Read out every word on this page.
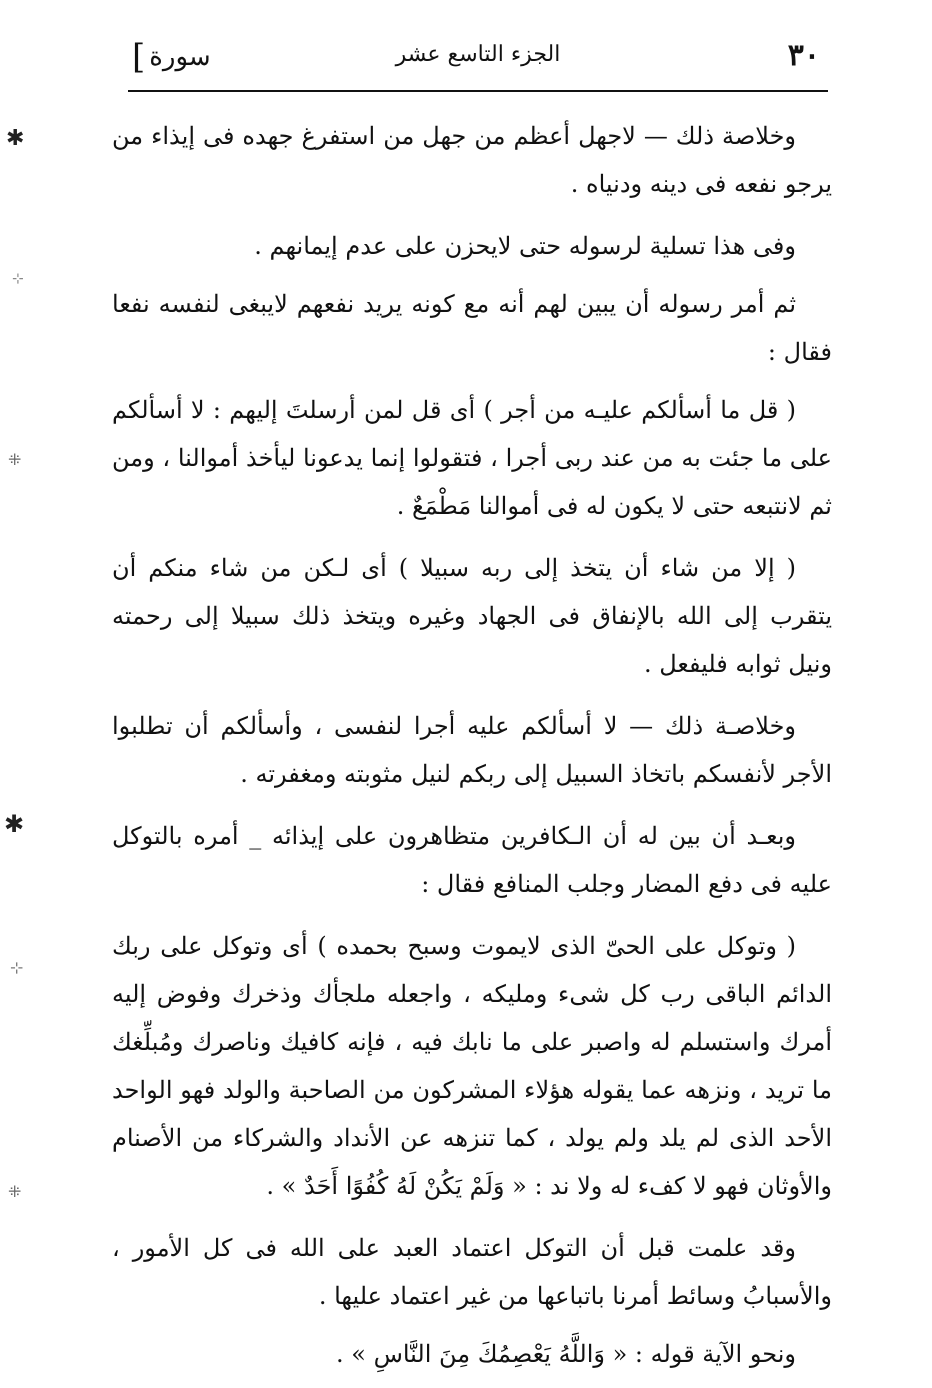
[ سورة	الجزء التاسع عشر	٣٠

وخلاصة ذلك — لاجهل أعظم من جهل من استفرغ جهده فى إيذاء من يرجو نفعه فى دينه ودنياه .

وفى هذا تسلية لرسوله حتى لايحزن على عدم إيمانهم .

ثم أمر رسوله أن يبين لهم أنه مع كونه يريد نفعهم لايبغى لنفسه نفعا فقال :

( قل ما أسألكم عليـه من أجر ) أى قل لمن أرسلتَ إليهم : لا أسألكم على ما جئت به من عند ربى أجرا ، فتقولوا إنما يدعونا ليأخذ أموالنا ، ومن ثم لانتبعه حتى لا يكون له فى أموالنا مَطْمَعٌ .

( إلا من شاء أن يتخذ إلى ربه سبيلا ) أى لـكن من شاء منكم أن يتقرب إلى الله بالإنفاق فى الجهاد وغيره ويتخذ ذلك سبيلا إلى رحمته ونيل ثوابه فليفعل .

وخلاصـة ذلك — لا أسألكم عليه أجرا لنفسى ، وأسألكم أن تطلبوا الأجر لأنفسكم باتخاذ السبيل إلى ربكم لنيل مثوبته ومغفرته .

وبعـد أن بين له أن الـكافرين متظاهرون على إيذائه _ أمره بالتوكل عليه فى دفع المضار وجلب المنافع فقال :

( وتوكل على الحىّ الذى لايموت وسبح بحمده ) أى وتوكل على ربك الدائم الباقى رب كل شىء ومليكه ، واجعله ملجأك وذخرك وفوض إليه أمرك واستسلم له واصبر على ما نابك فيه ، فإنه كافيك وناصرك ومُبلِّغك ما تريد ، ونزهه عما يقوله هؤلاء المشركون من الصاحبة والولد فهو الواحد الأحد الذى لم يلد ولم يولد ، كما تنزهه عن الأنداد والشركاء من الأصنام والأوثان فهو لا كفء له ولا ند : « وَلَمْ يَكُنْ لَهُ كُفُوًا أَحَدٌ » .

وقد علمت قبل أن التوكل اعتماد العبد على الله فى كل الأمور ، والأسبابُ وسائط أمرنا باتباعها من غير اعتماد عليها .

ونحو الآية قوله : « وَاللَّهُ يَعْصِمُكَ مِنَ النَّاسِ » .

✱
⊹
⁜
✱
⊹
⁜
